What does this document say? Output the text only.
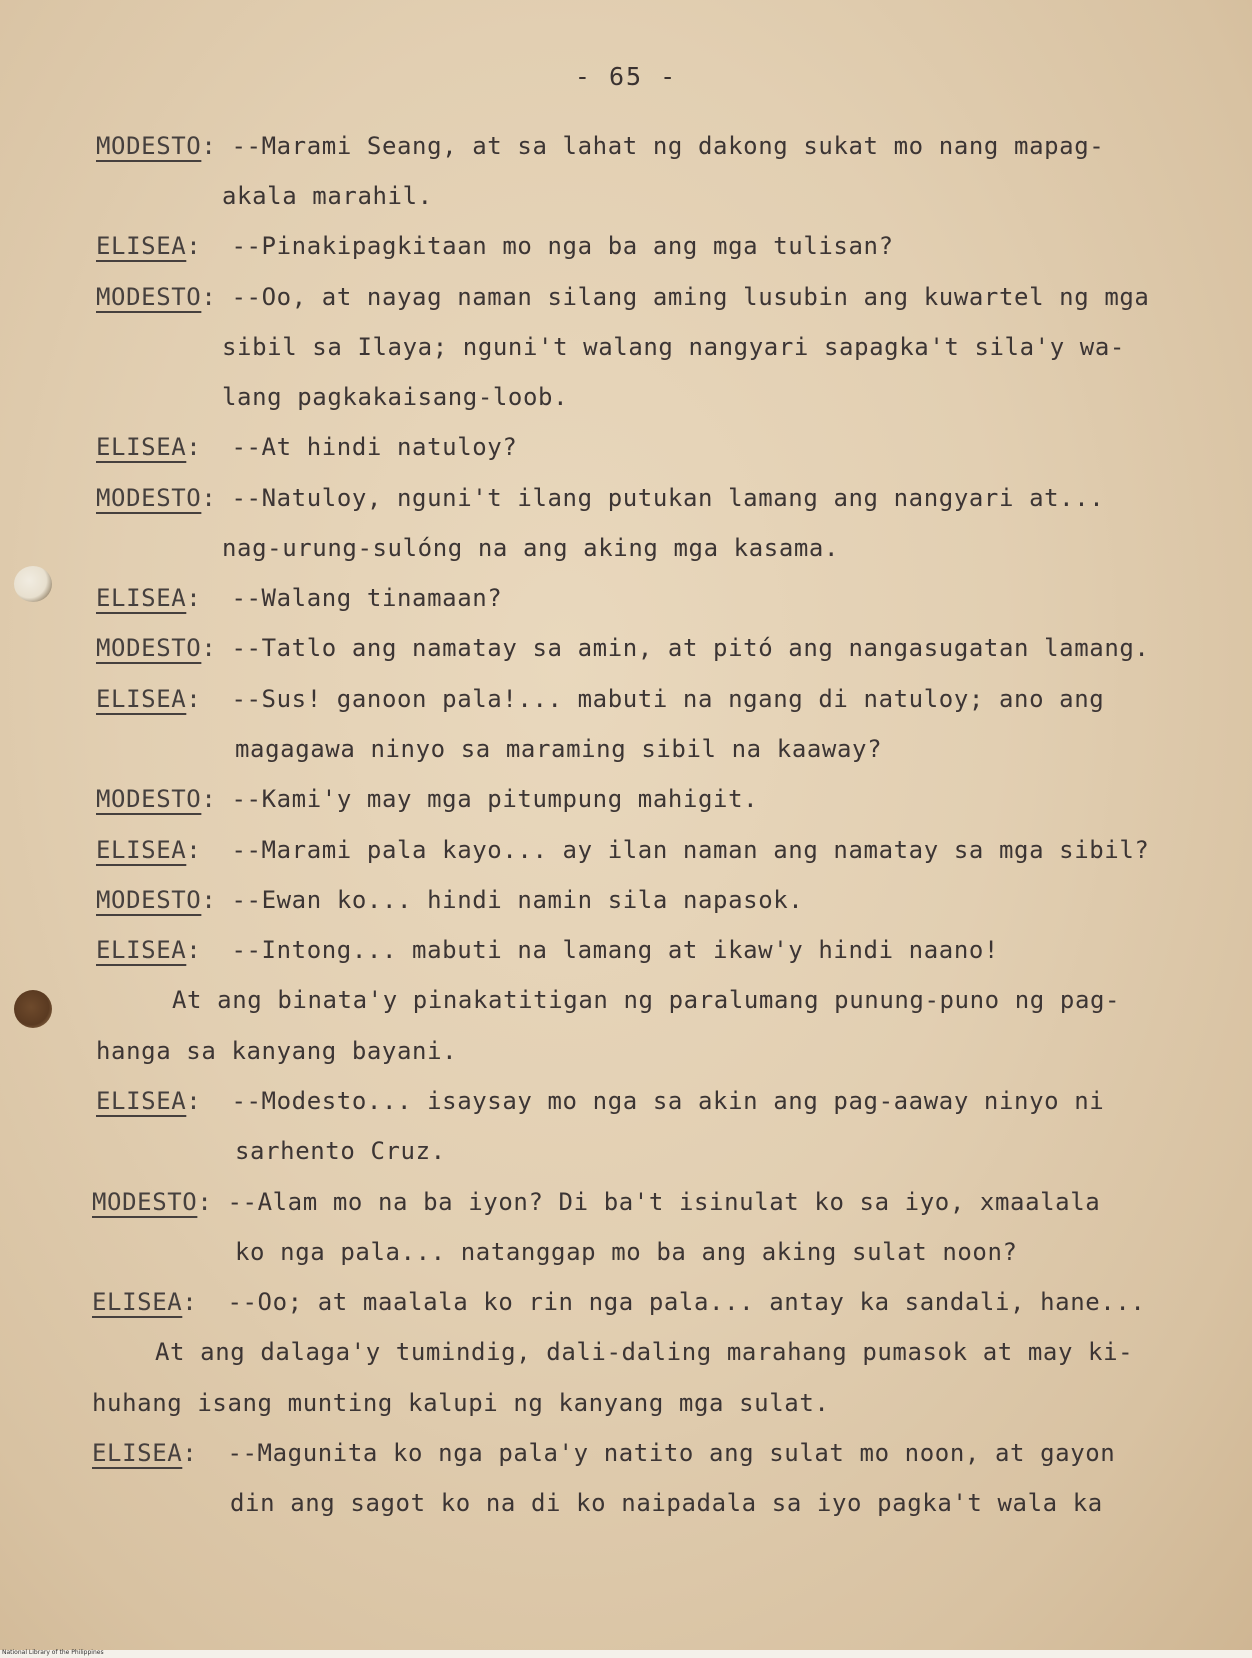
- 65 -
MODESTO: --Marami Seang, at sa lahat ng dakong sukat mo nang mapag-
akala marahil.
ELISEA:  --Pinakipagkitaan mo nga ba ang mga tulisan?
MODESTO: --Oo, at nayag naman silang aming lusubin ang kuwartel ng mga
sibil sa Ilaya; nguni't walang nangyari sapagka't sila'y wa-
lang pagkakaisang-loob.
ELISEA:  --At hindi natuloy?
MODESTO: --Natuloy, nguni't ilang putukan lamang ang nangyari at...
nag-urung-sulóng na ang aking mga kasama.
ELISEA:  --Walang tinamaan?
MODESTO: --Tatlo ang namatay sa amin, at pitó ang nangasugatan lamang.
ELISEA:  --Sus! ganoon pala!... mabuti na ngang di natuloy; ano ang
magagawa ninyo sa maraming sibil na kaaway?
MODESTO: --Kami'y may mga pitumpung mahigit.
ELISEA:  --Marami pala kayo... ay ilan naman ang namatay sa mga sibil?
MODESTO: --Ewan ko... hindi namin sila napasok.
ELISEA:  --Intong... mabuti na lamang at ikaw'y hindi naano!
At ang binata'y pinakatitigan ng paralumang punung-puno ng pag-
hanga sa kanyang bayani.
ELISEA:  --Modesto... isaysay mo nga sa akin ang pag-aaway ninyo ni
sarhento Cruz.
MODESTO: --Alam mo na ba iyon? Di ba't isinulat ko sa iyo, xmaalala
ko nga pala... natanggap mo ba ang aking sulat noon?
ELISEA:  --Oo; at maalala ko rin nga pala... antay ka sandali, hane...
At ang dalaga'y tumindig, dali-daling marahang pumasok at may ki-
huhang isang munting kalupi ng kanyang mga sulat.
ELISEA:  --Magunita ko nga pala'y natito ang sulat mo noon, at gayon
din ang sagot ko na di ko naipadala sa iyo pagka't wala ka
National Library of the Philippines
